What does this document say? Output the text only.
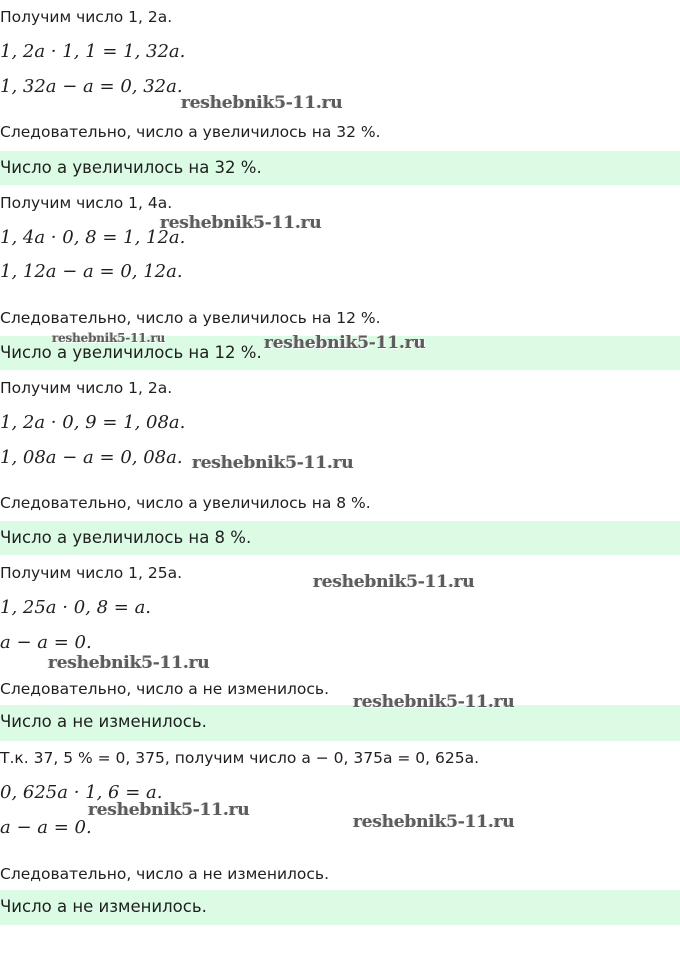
Получим число 1, 2a.
1, 2a · 1, 1 = 1, 32a.
1, 32a − a = 0, 32a.
Следовательно, число a увеличилось на 32 %.
Число a увеличилось на 32 %.
Получим число 1, 4a.
1, 4a · 0, 8 = 1, 12a.
1, 12a − a = 0, 12a.
Следовательно, число a увеличилось на 12 %.
Число a увеличилось на 12 %.
Получим число 1, 2a.
1, 2a · 0, 9 = 1, 08a.
1, 08a − a = 0, 08a.
Следовательно, число a увеличилось на 8 %.
Число a увеличилось на 8 %.
Получим число 1, 25a.
1, 25a · 0, 8 = a.
a − a = 0.
Следовательно, число a не изменилось.
Число a не изменилось.
Т.к. 37, 5 % = 0, 375, получим число a − 0, 375a = 0, 625a.
0, 625a · 1, 6 = a.
a − a = 0.
Следовательно, число a не изменилось.
Число a не изменилось.
reshebnik5-11.ru
reshebnik5-11.ru
reshebnik5-11.ru	reshebnik5-11.ru
reshebnik5-11.ru
reshebnik5-11.ru
reshebnik5-11.ru
reshebnik5-11.ru
reshebnik5-11.ru
reshebnik5-11.ru
